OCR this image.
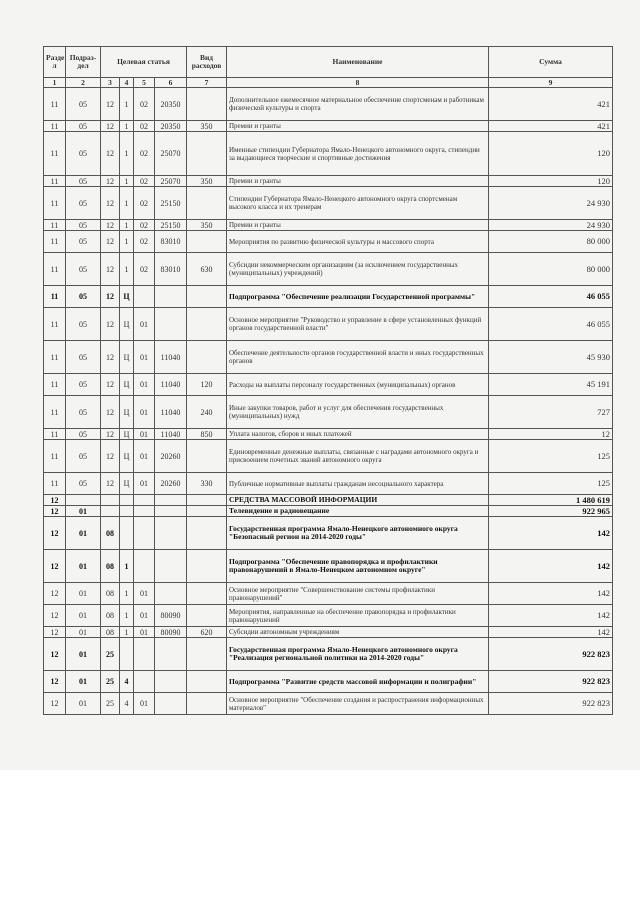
Разде л	Подраз- дел	Целевая статья				Вид расходов	Наименование	Сумма
1	2	3	4	5	6	7	8	9
11	05	12	1	02	20350		Дополнительное ежемесячное материальное обеспечение спортсменам и работникам физической культуры и спорта	421
11	05	12	1	02	20350	350	Премии и гранты	421
11	05	12	1	02	25070		Именные стипендии Губернатора Ямало-Ненецкого автономного округа, стипендии за выдающиеся творческие и спортивные достижения	120
11	05	12	1	02	25070	350	Премии и гранты	120
11	05	12	1	02	25150		Стипендии Губернатора Ямало-Ненецкого автономного округа спортсменам высокого класса и их тренерам	24 930
11	05	12	1	02	25150	350	Премии и гранты	24 930
11	05	12	1	02	83010		Мероприятия по развитию физической культуры и массового спорта	80 000
11	05	12	1	02	83010	630	Субсидии некоммерческим организациям (за исключением государственных (муниципальных) учреждений)	80 000
11	05	12	Ц				Подпрограмма "Обеспечение реализации Государственной программы"	46 055
11	05	12	Ц	01			Основное мероприятие "Руководство и управление в сфере установленных функций органов государственной власти"	46 055
11	05	12	Ц	01	11040		Обеспечение деятельности органов государственной власти и иных государственных органов	45 930
11	05	12	Ц	01	11040	120	Расходы на выплаты персоналу государственных (муниципальных) органов	45 191
11	05	12	Ц	01	11040	240	Иные закупки товаров, работ и услуг для обеспечения государственных (муниципальных) нужд	727
11	05	12	Ц	01	11040	850	Уплата налогов, сборов и иных платежей	12
11	05	12	Ц	01	20260		Единовременные денежные выплаты, связанные с наградами автономного округа и присвоением почетных званий автономного округа	125
11	05	12	Ц	01	20260	330	Публичные нормативные выплаты гражданам несоциального характера	125
12							СРЕДСТВА МАССОВОЙ ИНФОРМАЦИИ	1 480 619
12	01						Телевидение и радиовещание	922 965
12	01	08					Государственная программа Ямало-Ненецкого автономного округа "Безопасный регион на 2014-2020 годы"	142
12	01	08	1				Подпрограмма "Обеспечение правопорядка и профилактики правонарушений в Ямало-Ненецком автономном округе"	142
12	01	08	1	01			Основное мероприятие "Совершенствование системы профилактики правонарушений"	142
12	01	08	1	01	80090		Мероприятия, направленные на обеспечение правопорядка и профилактики правонарушений	142
12	01	08	1	01	80090	620	Субсидии автономным учреждениям	142
12	01	25					Государственная программа Ямало-Ненецкого автономного округа "Реализация региональной политики на 2014-2020 годы"	922 823
12	01	25	4				Подпрограмма "Развитие средств массовой информации и полиграфии"	922 823
12	01	25	4	01			Основное мероприятие "Обеспечение создания и распространения информационных материалов"	922 823
